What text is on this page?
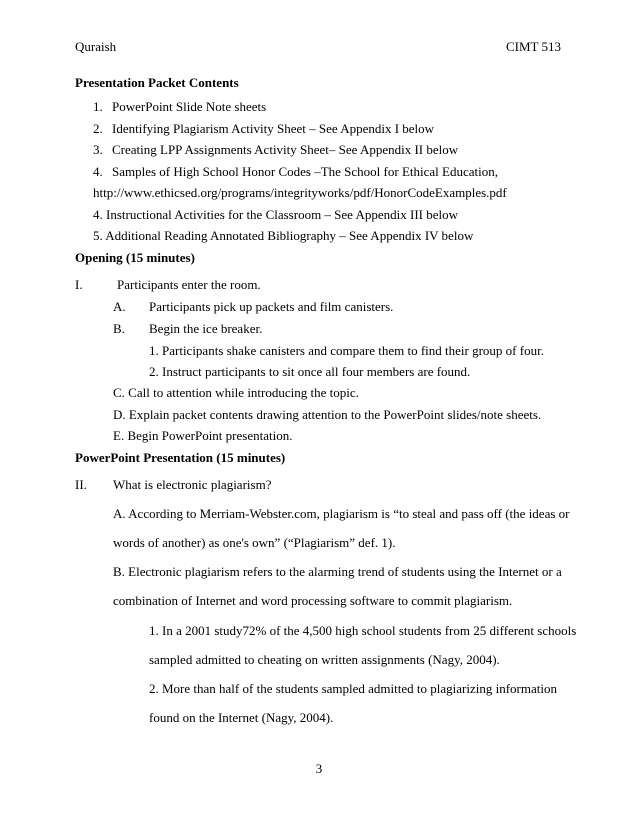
Quraish	CIMT 513
Presentation Packet Contents
1. PowerPoint Slide Note sheets
2. Identifying Plagiarism Activity Sheet – See Appendix I below
3. Creating LPP Assignments Activity Sheet– See Appendix II below
4. Samples of High School Honor Codes –The School for Ethical Education,
http://www.ethicsed.org/programs/integrityworks/pdf/HonorCodeExamples.pdf
4. Instructional Activities for the Classroom – See Appendix III below
5. Additional Reading Annotated Bibliography – See Appendix IV below
Opening (15 minutes)
I.	Participants enter the room.
A. Participants pick up packets and film canisters.
B. Begin the ice breaker.
1. Participants shake canisters and compare them to find their group of four.
2. Instruct participants to sit once all four members are found.
C. Call to attention while introducing the topic.
D. Explain packet contents drawing attention to the PowerPoint slides/note sheets.
E. Begin PowerPoint presentation.
PowerPoint Presentation (15 minutes)
II. What is electronic plagiarism?
A. According to Merriam-Webster.com, plagiarism is “to steal and pass off (the ideas or
words of another) as one's own” (“Plagiarism” def. 1).
B. Electronic plagiarism refers to the alarming trend of students using the Internet or a
combination of Internet and word processing software to commit plagiarism.
1. In a 2001 study72% of the 4,500 high school students from 25 different schools
sampled admitted to cheating on written assignments (Nagy, 2004).
2. More than half of the students sampled admitted to plagiarizing information
found on the Internet (Nagy, 2004).
3
